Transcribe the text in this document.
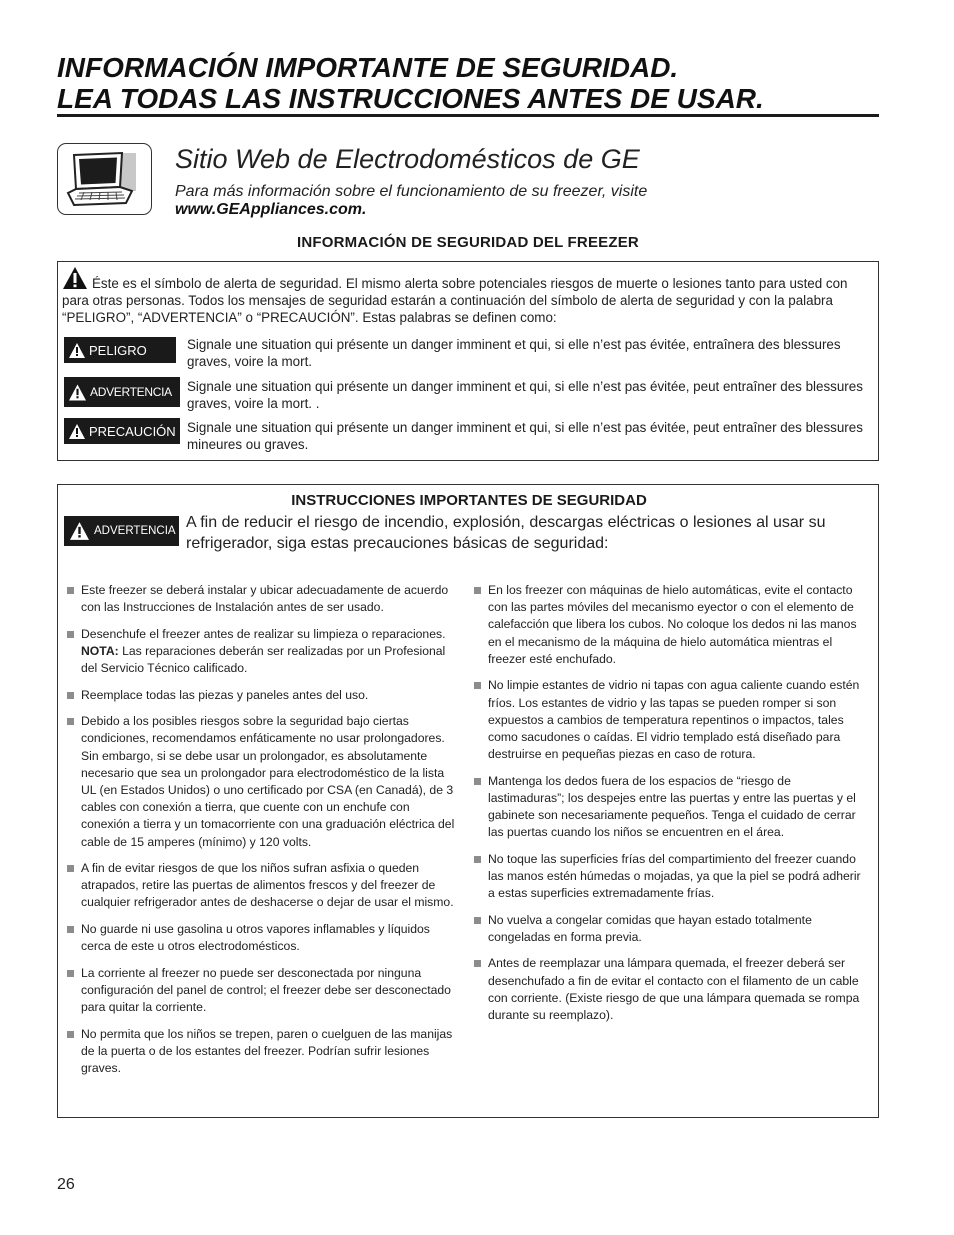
INFORMACIÓN IMPORTANTE DE SEGURIDAD.
LEA TODAS LAS INSTRUCCIONES ANTES DE USAR.
Sitio Web de Electrodomésticos de GE
Para más información sobre el funcionamiento de su freezer, visite
www.GEAppliances.com.
INFORMACIÓN DE SEGURIDAD DEL FREEZER
Éste es el símbolo de alerta de seguridad. El mismo alerta sobre potenciales riesgos de muerte o lesiones tanto para usted con para otras personas. Todos los mensajes de seguridad estarán a continuación del símbolo de alerta de seguridad y con la palabra “PELIGRO”, “ADVERTENCIA” o “PRECAUCIÓN”. Estas palabras se definen como:
PELIGRO	Signale une situation qui présente un danger imminent et qui, si elle n’est pas évitée, entraînera des blessures graves, voire la mort.
ADVERTENCIA Signale une situation qui présente un danger imminent et qui, si elle n’est pas évitée, peut entraîner des blessures graves, voire la mort. .
PRECAUCIÓN Signale une situation qui présente un danger imminent et qui, si elle n’est pas évitée, peut entraîner des blessures mineures ou graves.
INSTRUCCIONES IMPORTANTES DE SEGURIDAD
ADVERTENCIA A fin de reducir el riesgo de incendio, explosión, descargas eléctricas o lesiones al usar su refrigerador, siga estas precauciones básicas de seguridad:
Este freezer se deberá instalar y ubicar adecuadamente de acuerdo con las Instrucciones de Instalación antes de ser usado.
Desenchufe el freezer antes de realizar su limpieza o reparaciones.
NOTA: Las reparaciones deberán ser realizadas por un Profesional del Servicio Técnico calificado.
Reemplace todas las piezas y paneles antes del uso.
Debido a los posibles riesgos sobre la seguridad bajo ciertas condiciones, recomendamos enfáticamente no usar prolongadores. Sin embargo, si se debe usar un prolongador, es absolutamente necesario que sea un prolongador para electrodoméstico de la lista UL (en Estados Unidos) o uno certificado por CSA (en Canadá), de 3 cables con conexión a tierra, que cuente con un enchufe con conexión a tierra y un tomacorriente con una graduación eléctrica del cable de 15 amperes (mínimo) y 120 volts.
A fin de evitar riesgos de que los niños sufran asfixia o queden atrapados, retire las puertas de alimentos frescos y del freezer de cualquier refrigerador antes de deshacerse o dejar de usar el mismo.
No guarde ni use gasolina u otros vapores inflamables y líquidos cerca de este u otros electrodomésticos.
La corriente al freezer no puede ser desconectada por ninguna configuración del panel de control; el freezer debe ser desconectado para quitar la corriente.
No permita que los niños se trepen, paren o cuelguen de las manijas de la puerta o de los estantes del freezer. Podrían sufrir lesiones graves.
En los freezer con máquinas de hielo automáticas, evite el contacto con las partes móviles del mecanismo eyector o con el elemento de calefacción que libera los cubos. No coloque los dedos ni las manos en el mecanismo de la máquina de hielo automática mientras el freezer esté enchufado.
No limpie estantes de vidrio ni tapas con agua caliente cuando estén fríos. Los estantes de vidrio y las tapas se pueden romper si son expuestos a cambios de temperatura repentinos o impactos, tales como sacudones o caídas. El vidrio templado está diseñado para destruirse en pequeñas piezas en caso de rotura.
Mantenga los dedos fuera de los espacios de “riesgo de lastimaduras”; los despejes entre las puertas y entre las puertas y el gabinete son necesariamente pequeños. Tenga el cuidado de cerrar las puertas cuando los niños se encuentren en el área.
No toque las superficies frías del compartimiento del freezer cuando las manos estén húmedas o mojadas, ya que la piel se podrá adherir a estas superficies extremadamente frías.
No vuelva a congelar comidas que hayan estado totalmente congeladas en forma previa.
Antes de reemplazar una lámpara quemada, el freezer deberá ser desenchufado a fin de evitar el contacto con el filamento de un cable con corriente. (Existe riesgo de que una lámpara quemada se rompa durante su reemplazo).
26
